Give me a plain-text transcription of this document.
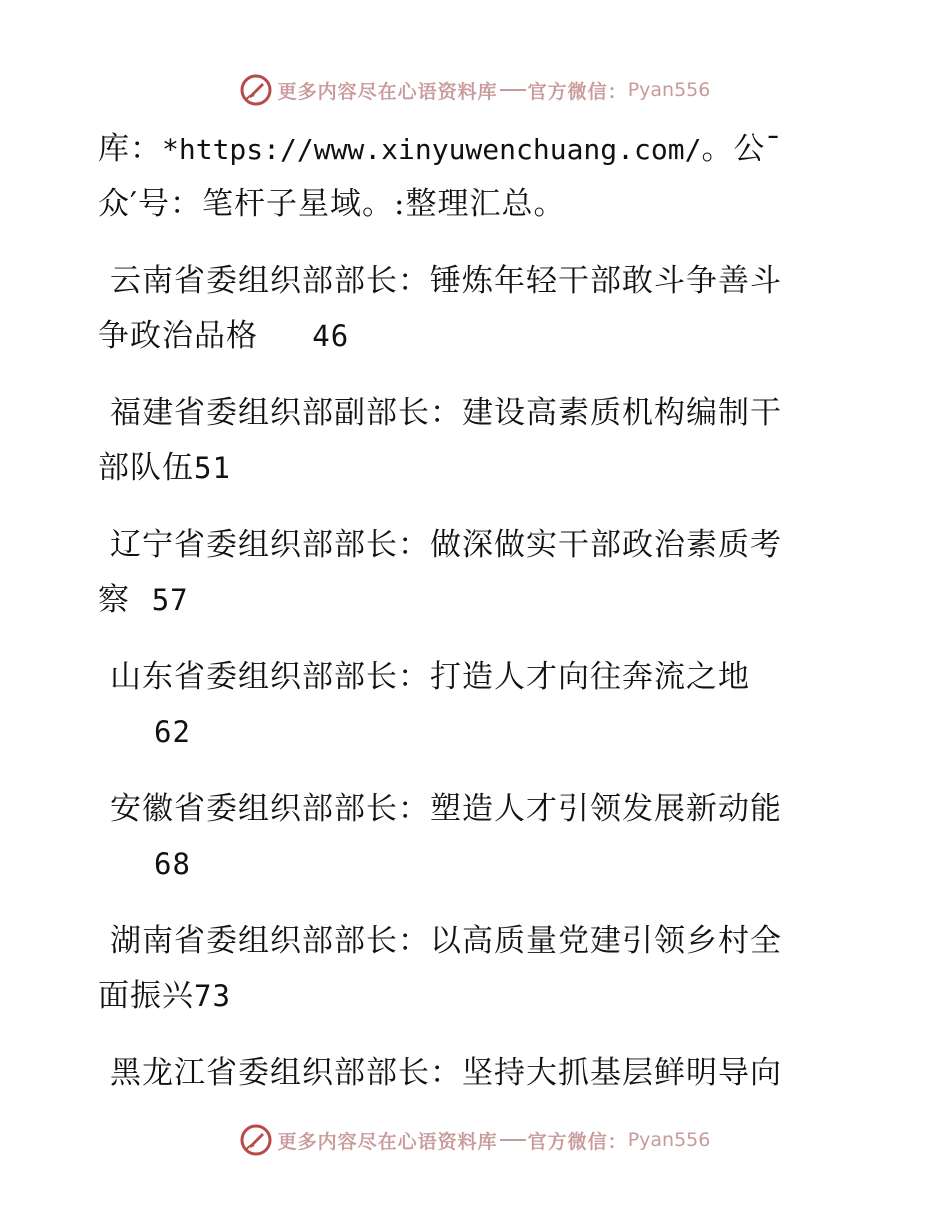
更多内容尽在心语资料库 官方微信： Pyan556
库：*https://www.xinyuwenchuang.com/。公¯
众′号：笔杆子星域。:整理汇总。
云南省委组织部部长：锤炼年轻干部敢斗争善斗
争政治品格 46
福建省委组织部副部长：建设高素质机构编制干
部队伍51
辽宁省委组织部部长：做深做实干部政治素质考
察 57
山东省委组织部部长：打造人才向往奔流之地
62
安徽省委组织部部长：塑造人才引领发展新动能
68
湖南省委组织部部长：以高质量党建引领乡村全
面振兴73
黑龙江省委组织部部长：坚持大抓基层鲜明导向
更多内容尽在心语资料库 官方微信： Pyan556
